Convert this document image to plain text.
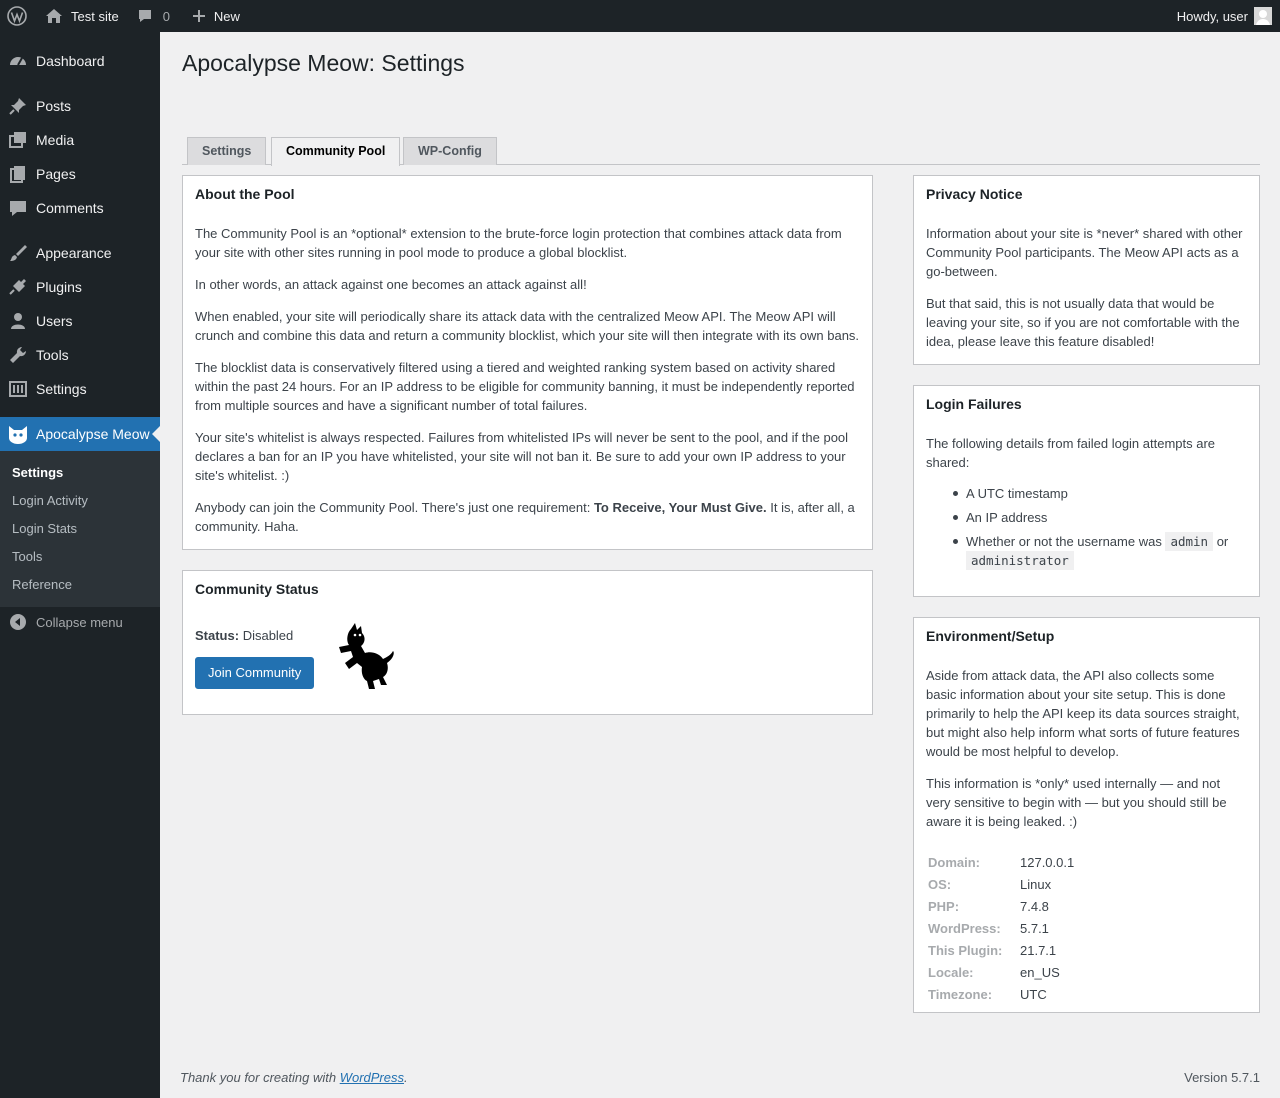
Test site	0	New	Howdy, user
Dashboard
Posts
Media
Pages
Comments
Appearance
Plugins
Users
Tools
Settings
Apocalypse Meow
Settings
Login Activity
Login Stats
Tools
Reference
Collapse menu
Apocalypse Meow: Settings
Settings	Community Pool	WP-Config
About the Pool

The Community Pool is an *optional* extension to the brute-force login protection that combines attack data from your site with other sites running in pool mode to produce a global blocklist.

In other words, an attack against one becomes an attack against all!

When enabled, your site will periodically share its attack data with the centralized Meow API. The Meow API will crunch and combine this data and return a community blocklist, which your site will then integrate with its own bans.

The blocklist data is conservatively filtered using a tiered and weighted ranking system based on activity shared within the past 24 hours. For an IP address to be eligible for community banning, it must be independently reported from multiple sources and have a significant number of total failures.

Your site's whitelist is always respected. Failures from whitelisted IPs will never be sent to the pool, and if the pool declares a ban for an IP you have whitelisted, your site will not ban it. Be sure to add your own IP address to your site's whitelist. :)

Anybody can join the Community Pool. There's just one requirement: To Receive, Your Must Give. It is, after all, a community. Haha.

Community Status

Status: Disabled

Join Community
Privacy Notice

Information about your site is *never* shared with other Community Pool participants. The Meow API acts as a go-between.

But that said, this is not usually data that would be leaving your site, so if you are not comfortable with the idea, please leave this feature disabled!

Login Failures

The following details from failed login attempts are shared:

A UTC timestamp
An IP address
Whether or not the username was admin or administrator
Environment/Setup

Aside from attack data, the API also collects some basic information about your site setup. This is done primarily to help the API keep its data sources straight, but might also help inform what sorts of future features would be most helpful to develop.

This information is *only* used internally — and not very sensitive to begin with — but you should still be aware it is being leaked. :)

Domain:	127.0.0.1
OS:	Linux
PHP:	7.4.8
WordPress:	5.7.1
This Plugin:	21.7.1
Locale:	en_US
Timezone:	UTC
Thank you for creating with WordPress.	Version 5.7.1
